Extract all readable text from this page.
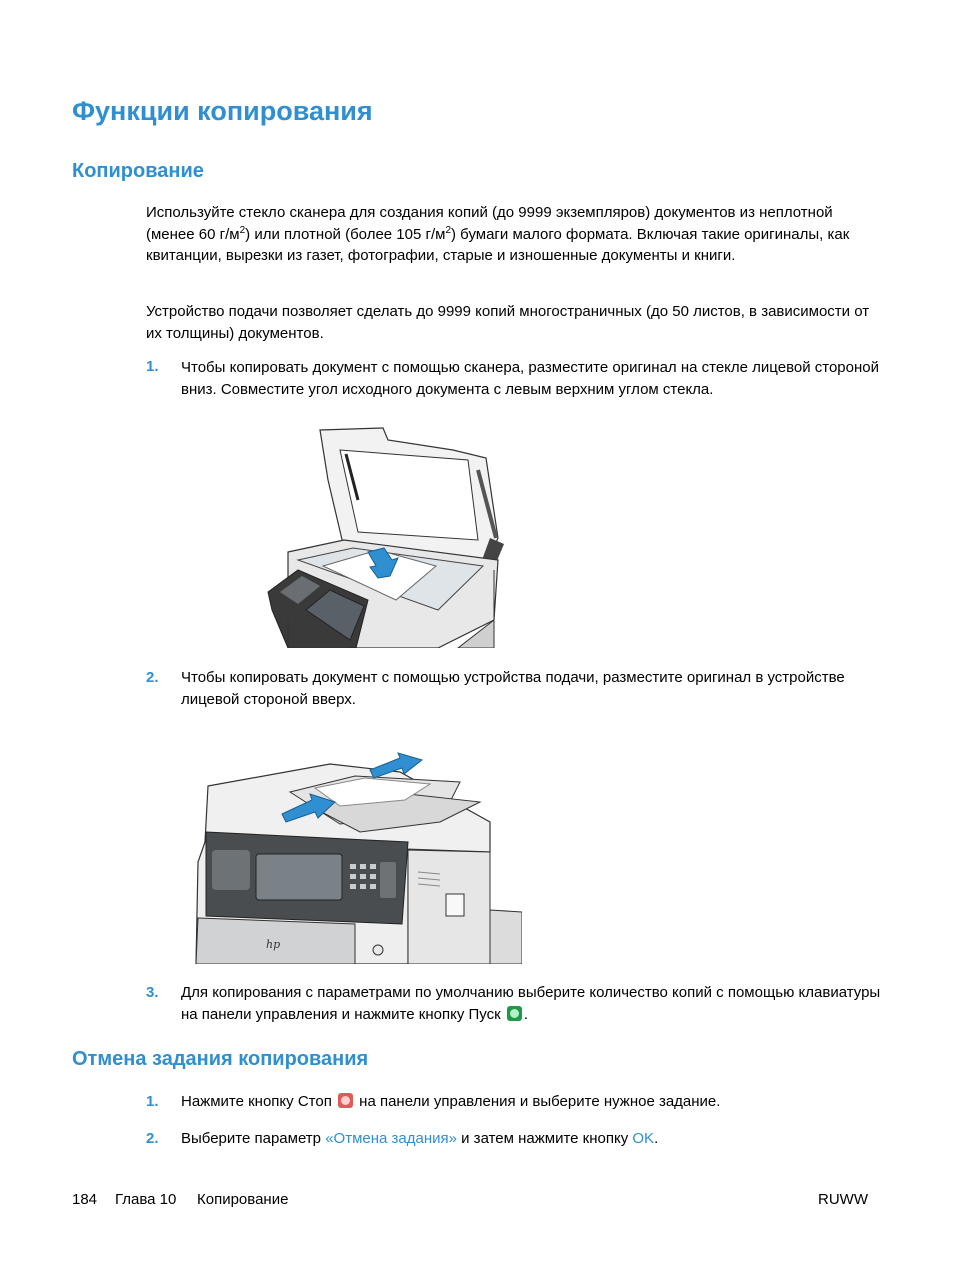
Функции копирования
Копирование

Используйте стекло сканера для создания копий (до 9999 экземпляров) документов из неплотной (менее 60 $г/м^2$) или плотной (более 105 $г/м^2$) бумаги малого формата. Включая такие оригиналы, как квитанции, вырезки из газет, фотографии, старые и изношенные документы и книги.

Устройство подачи позволяет сделать до 9999 копий многостраничных (до 50 листов, в зависимости от их толщины) документов.

1. Чтобы копировать документ с помощью сканера, разместите оригинал на стекле лицевой стороной вниз. Совместите угол исходного документа с левым верхним углом стекла.

2. Чтобы копировать документ с помощью устройства подачи, разместите оригинал в устройстве лицевой стороной вверх.

hp
3. Для копирования с параметрами по умолчанию выберите количество копий с помощью клавиатуры на панели управления и нажмите кнопку Пуск .

Отмена задания копирования
1. Нажмите кнопку Стоп на панели управления и выберите нужное задание.

2. Выберите параметр «Отмена задания» и затем нажмите кнопку OK.

184 Глава 10 Копирование	RUWW
